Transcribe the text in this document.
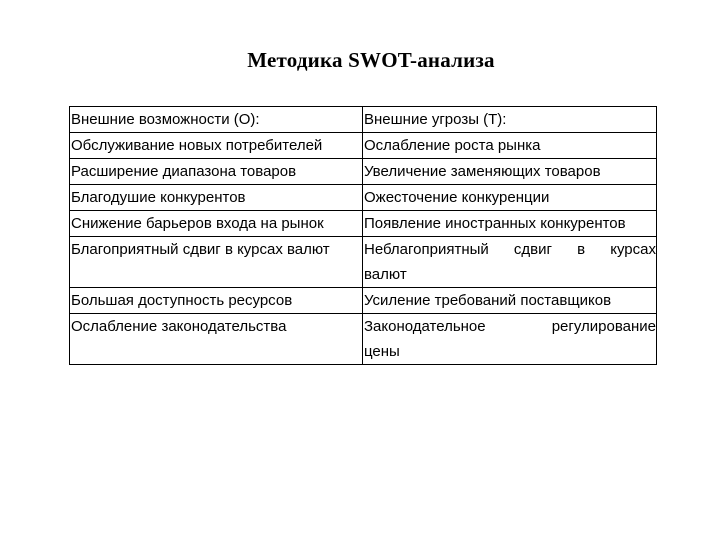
Методика SWOT-анализа
Внешние возможности (О):	Внешние угрозы (Т):

Обслуживание новых потребителей	Ослабление роста рынка

Расширение диапазона товаров	Увеличение заменяющих товаров

Благодушие конкурентов	Ожесточение конкуренции

Снижение барьеров входа на рынок	Появление иностранных конкурентов

Благоприятный сдвиг в курсах валют	Неблагоприятный сдвиг в курсах
валют

Большая доступность ресурсов	Усиление требований поставщиков

Ослабление законодательства	Законодательное регулирование
цены
